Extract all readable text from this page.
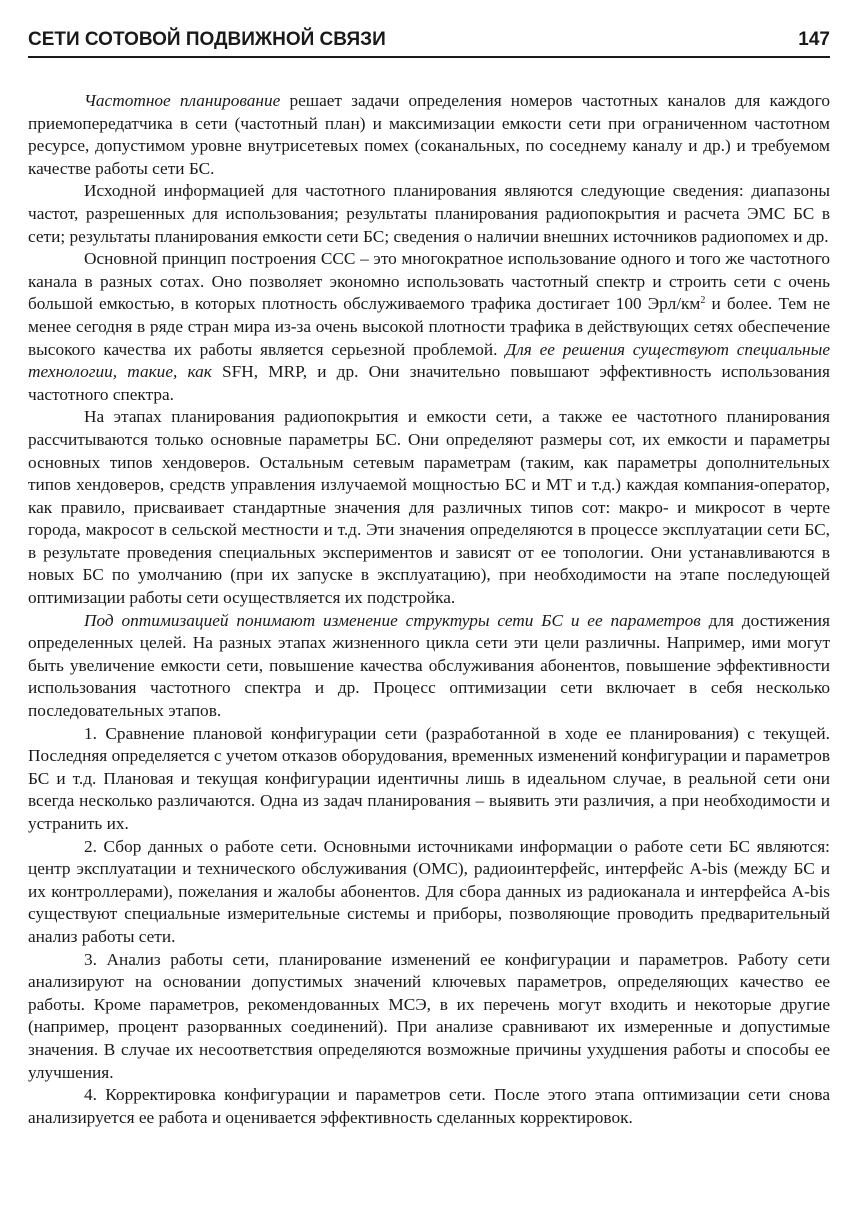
СЕТИ СОТОВОЙ ПОДВИЖНОЙ СВЯЗИ	147

Частотное планирование решает задачи определения номеров частотных каналов для каждого приемопередатчика в сети (частотный план) и максимизации емкости сети при ограниченном частотном ресурсе, допустимом уровне внутрисетевых помех (соканальных, по соседнему каналу и др.) и требуемом качестве работы сети БС.

Исходной информацией для частотного планирования являются следующие сведения: диапазоны частот, разрешенных для использования; результаты планирования радиопокрытия и расчета ЭМС БС в сети; результаты планирования емкости сети БС; сведения о наличии внешних источников радиопомех и др.

Основной принцип построения ССС – это многократное использование одного и того же частотного канала в разных сотах. Оно позволяет экономно использовать частотный спектр и строить сети с очень большой емкостью, в которых плотность обслуживаемого трафика достигает 100 Эрл/$км^2$ и более. Тем не менее сегодня в ряде стран мира из-за очень высокой плотности трафика в действующих сетях обеспечение высокого качества их работы является серьезной проблемой. Для ее решения существуют специальные технологии, такие, как SFH, MRP, и др. Они значительно повышают эффективность использования частотного спектра.

На этапах планирования радиопокрытия и емкости сети, а также ее частотного планирования рассчитываются только основные параметры БС. Они определяют размеры сот, их емкости и параметры основных типов хендоверов. Остальным сетевым параметрам (таким, как параметры дополнительных типов хендоверов, средств управления излучаемой мощностью БС и МТ и т.д.) каждая компания-оператор, как правило, присваивает стандартные значения для различных типов сот: макро- и микросот в черте города, макросот в сельской местности и т.д. Эти значения определяются в процессе эксплуатации сети БС, в результате проведения специальных экспериментов и зависят от ее топологии. Они устанавливаются в новых БС по умолчанию (при их запуске в эксплуатацию), при необходимости на этапе последующей оптимизации работы сети осуществляется их подстройка.

Под оптимизацией понимают изменение структуры сети БС и ее параметров для достижения определенных целей. На разных этапах жизненного цикла сети эти цели различны. Например, ими могут быть увеличение емкости сети, повышение качества обслуживания абонентов, повышение эффективности использования частотного спектра и др. Процесс оптимизации сети включает в себя несколько последовательных этапов.

1. Сравнение плановой конфигурации сети (разработанной в ходе ее планирования) с текущей. Последняя определяется с учетом отказов оборудования, временных изменений конфигурации и параметров БС и т.д. Плановая и текущая конфигурации идентичны лишь в идеальном случае, в реальной сети они всегда несколько различаются. Одна из задач планирования – выявить эти различия, а при необходимости и устранить их.

2. Сбор данных о работе сети. Основными источниками информации о работе сети БС являются: центр эксплуатации и технического обслуживания (ОМС), радиоинтерфейс, интерфейс A-bis (между БС и их контроллерами), пожелания и жалобы абонентов. Для сбора данных из радиоканала и интерфейса A-bis существуют специальные измерительные системы и приборы, позволяющие проводить предварительный анализ работы сети.

3. Анализ работы сети, планирование изменений ее конфигурации и параметров. Работу сети анализируют на основании допустимых значений ключевых параметров, определяющих качество ее работы. Кроме параметров, рекомендованных МСЭ, в их перечень могут входить и некоторые другие (например, процент разорванных соединений). При анализе сравнивают их измеренные и допустимые значения. В случае их несоответствия определяются возможные причины ухудшения работы и способы ее улучшения.

4. Корректировка конфигурации и параметров сети. После этого этапа оптимизации сети снова анализируется ее работа и оценивается эффективность сделанных корректировок.
